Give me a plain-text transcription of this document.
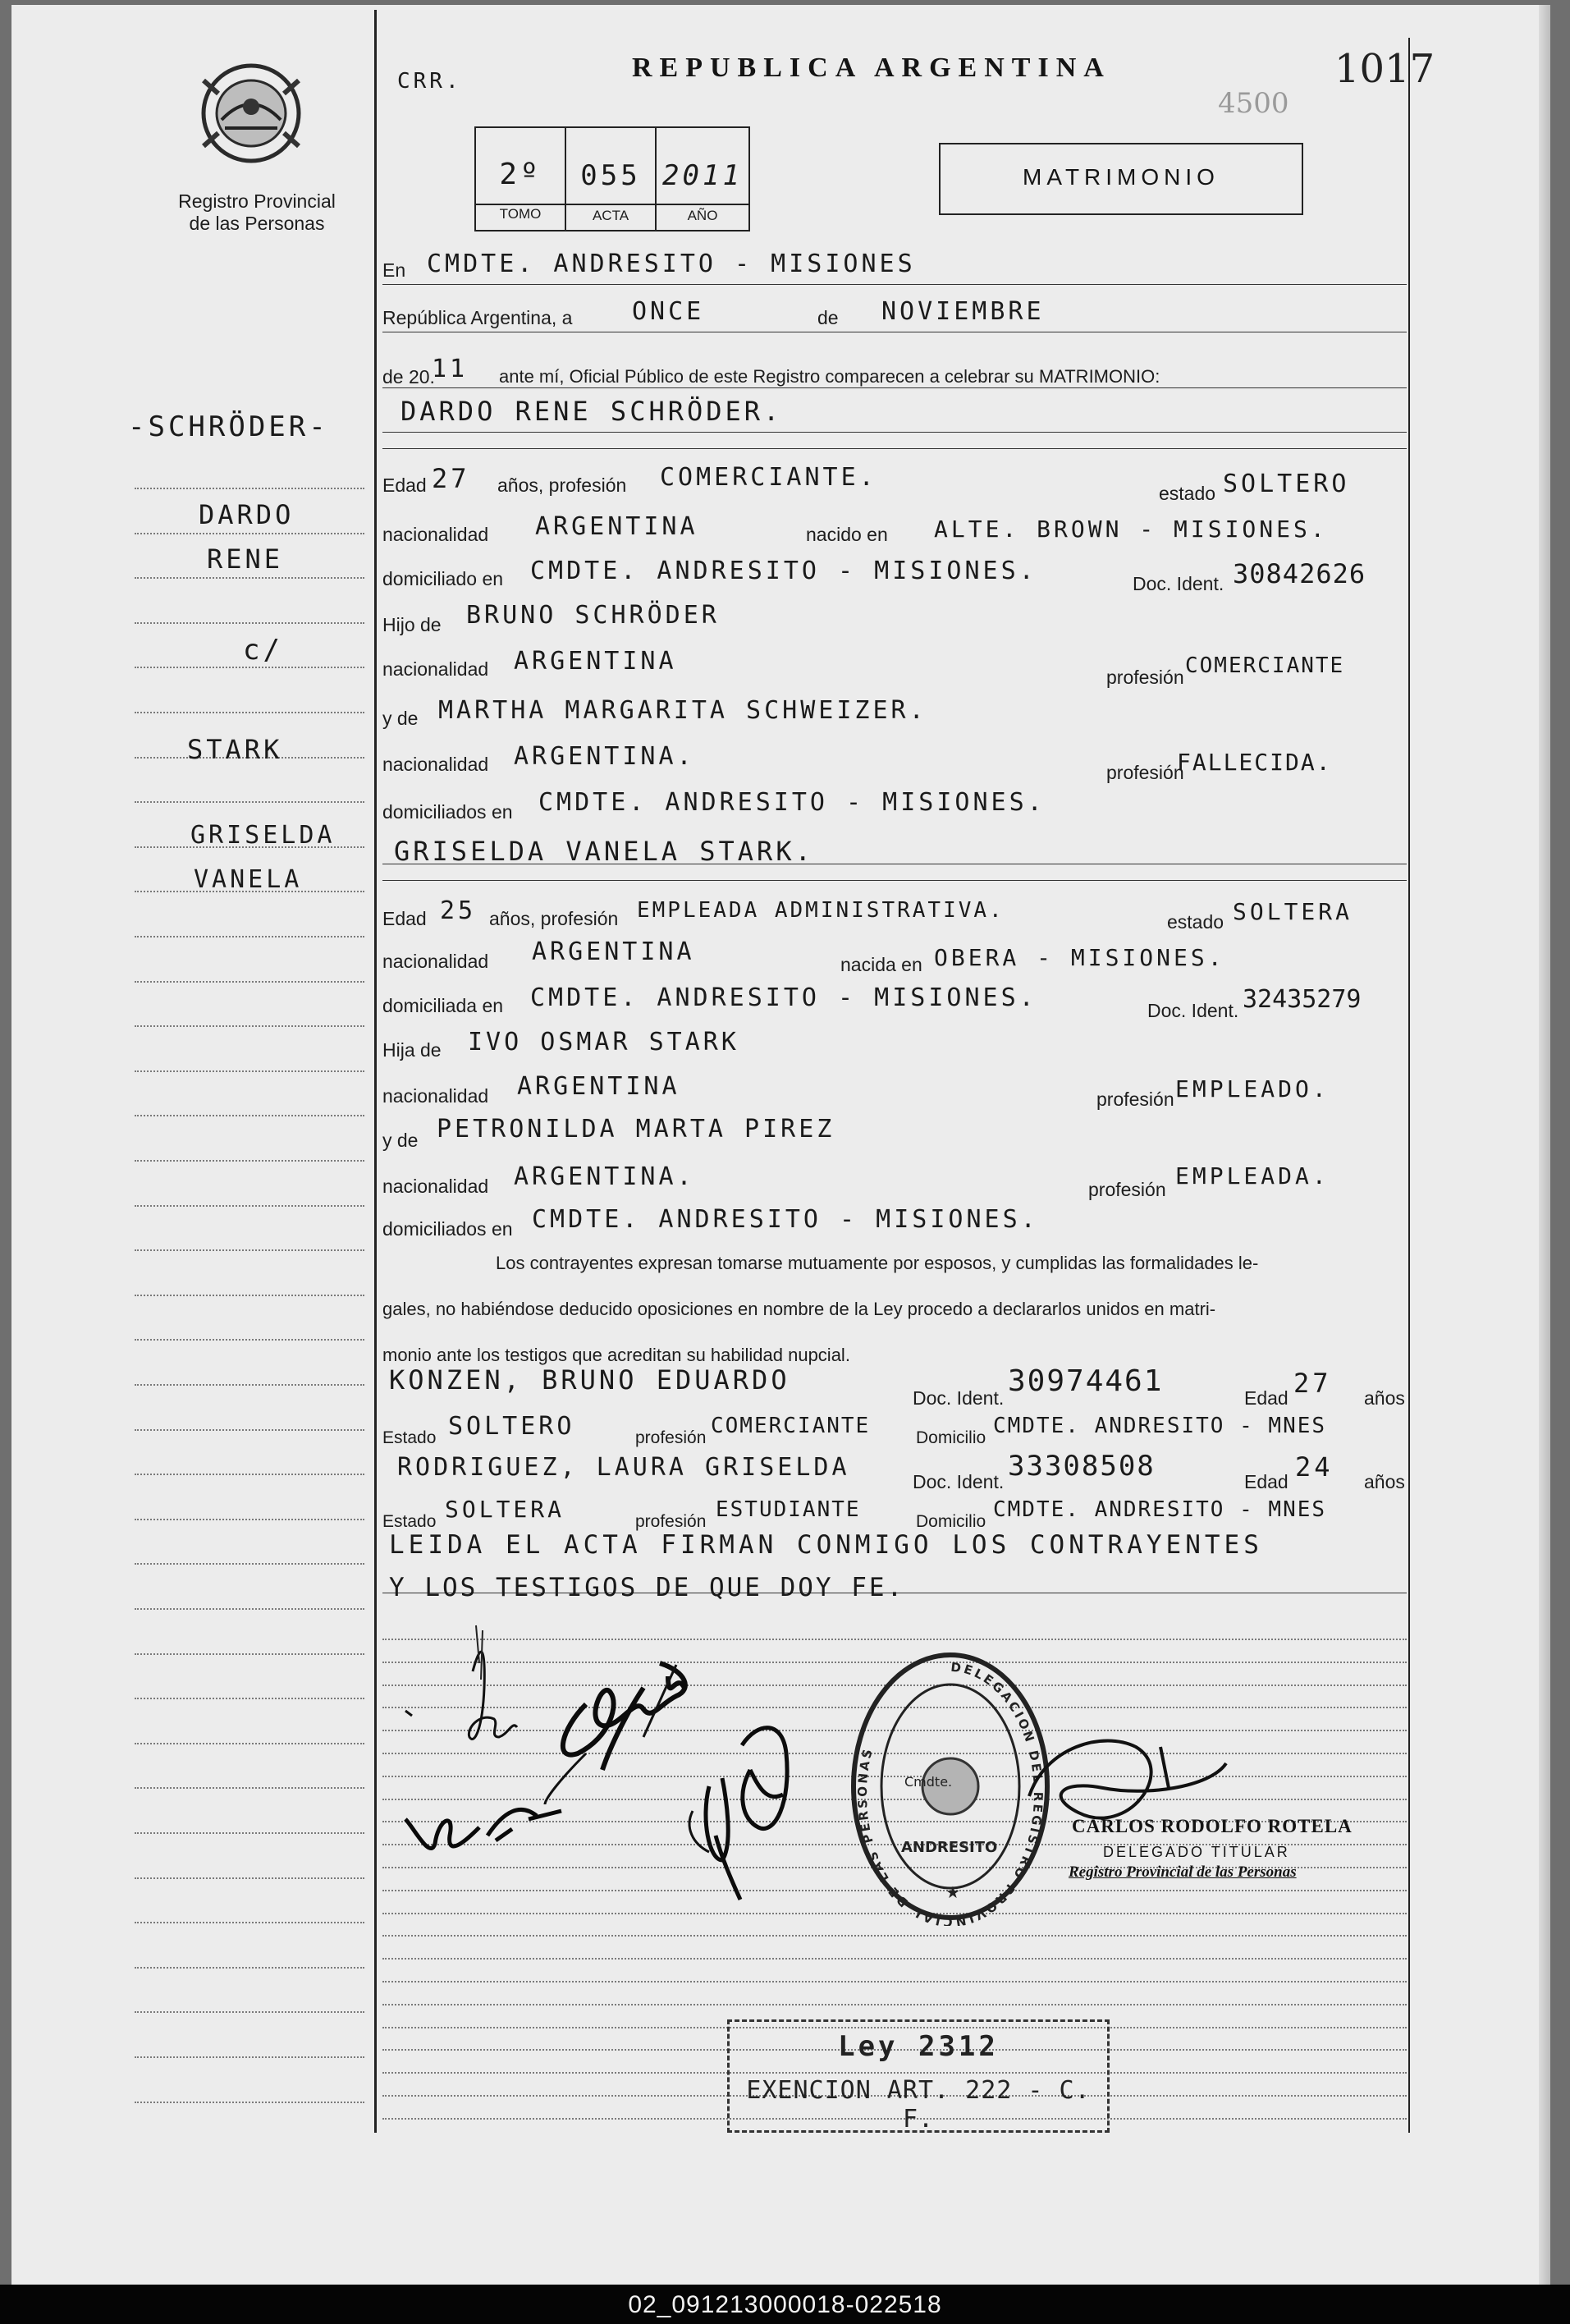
Registro Provincial
de las Personas
CRR.	REPUBLICA ARGENTINA	1017
4500
2º	055 2011
TOMO	ACTA	AÑO
MATRIMONIO
-SCHRÖDER-
DARDO
RENE
c/
STARK
GRISELDA
VANELA
En CMDTE. ANDRESITO - MISIONES
República Argentina, a ONCE	de NOVIEMBRE
de 20.
11 ante mí, Oficial Público de este Registro comparecen a celebrar su MATRIMONIO:
DARDO RENE SCHRÖDER.
Edad 27 años, profesión COMERCIANTE.
estado SOLTERO
nacionalidad ARGENTINA	nacido en ALTE. BROWN - MISIONES.
domiciliado en CMDTE. ANDRESITO - MISIONES.	Doc. Ident. 30842626
Hijo de BRUNO SCHRÖDER
nacionalidad ARGENTINA
profesión COMERCIANTE
y de MARTHA MARGARITA SCHWEIZER.
nacionalidad ARGENTINA.
profesión
FALLECIDA.
domiciliados en CMDTE. ANDRESITO - MISIONES.
GRISELDA VANELA STARK.
Edad 25 años, profesión EMPLEADA ADMINISTRATIVA.	estado SOLTERA
nacionalidad ARGENTINA	nacida en OBERA - MISIONES.
domiciliada en CMDTE. ANDRESITO - MISIONES.	Doc. Ident. 32435279
Hija de IVO OSMAR STARK
nacionalidad ARGENTINA	profesión EMPLEADO.
y de PETRONILDA MARTA PIREZ
nacionalidad ARGENTINA.	profesión EMPLEADA.
domiciliados en CMDTE. ANDRESITO - MISIONES.
Los contrayentes expresan tomarse mutuamente por esposos, y cumplidas las formalidades le-
gales, no habiéndose deducido oposiciones en nombre de la Ley procedo a declararlos unidos en matri-
monio ante los testigos que acreditan su habilidad nupcial.
KONZEN, BRUNO EDUARDO
Doc. Ident. 30974461	Edad 27 años
Estado SOLTERO	profesión COMERCIANTE	Domicilio CMDTE. ANDRESITO - MNES
RODRIGUEZ, LAURA GRISELDA	Doc. Ident. 33308508	Edad 24 años
Estado SOLTERA	profesión ESTUDIANTE	Domicilio CMDTE. ANDRESITO - MNES
LEIDA EL ACTA FIRMAN CONMIGO LOS CONTRAYENTES
Y LOS TESTIGOS DE QUE DOY FE.
DELEGACION DEL REGISTRO PROVINCIAL DE LAS PERSONAS
Cmdte.
ANDRESITO
★
CARLOS RODOLFO ROTELA
DELEGADO TITULAR
Registro Provincial de las Personas
Ley 2312
EXENCION ART. 222 - C. F.
02_091213000018-022518
